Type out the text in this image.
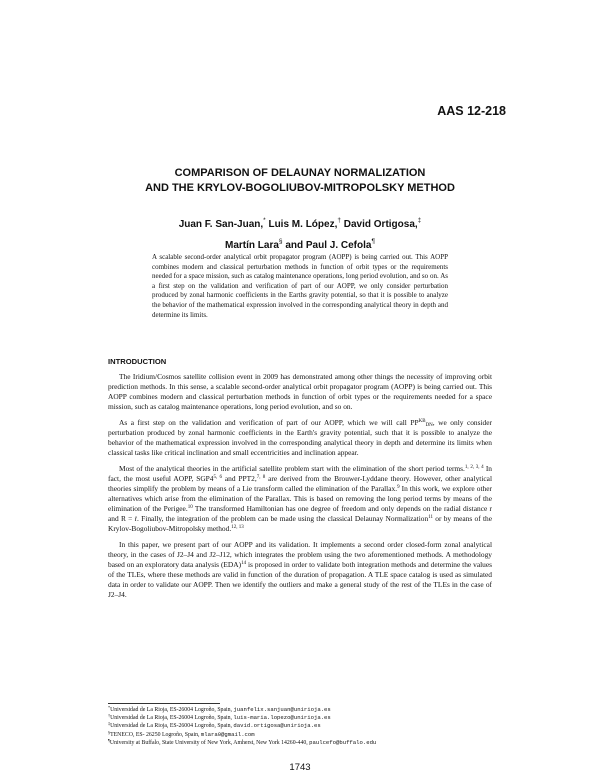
AAS 12-218
COMPARISON OF DELAUNAY NORMALIZATION
AND THE KRYLOV-BOGOLIUBOV-MITROPOLSKY METHOD
Juan F. San-Juan,* Luis M. López,† David Ortigosa,‡
Martín Lara§ and Paul J. Cefola¶
A scalable second-order analytical orbit propagator program (AOPP) is being carried out. This AOPP combines modern and classical perturbation methods in function of orbit types or the requirements needed for a space mission, such as catalog maintenance operations, long period evolution, and so on. As a first step on the validation and verification of part of our AOPP, we only consider perturbation produced by zonal harmonic coefficients in the Earths gravity potential, so that it is possible to analyze the behavior of the mathematical expression involved in the corresponding analytical theory in depth and determine its limits.
INTRODUCTION

The Iridium/Cosmos satellite collision event in 2009 has demonstrated among other things the necessity of improving orbit prediction methods. In this sense, a scalable second-order analytical orbit propagator program (AOPP) is being carried out. This AOPP combines modern and classical perturbation methods in function of orbit types or the requirements needed for a space mission, such as catalog maintenance operations, long period evolution, and so on.

As a first step on the validation and verification of part of our AOPP, which we will call $PP^{KB}_{DN}$, we only consider perturbation produced by zonal harmonic coefficients in the Earth's gravity potential, such that it is possible to analyze the behavior of the mathematical expression involved in the corresponding analytical theory in depth and determine its limits when classical tasks like critical inclination and small eccentricities and inclination appear.

Most of the analytical theories in the artificial satellite problem start with the elimination of the short period terms.$^{1, 2, 3, 4}$ In fact, the most useful AOPP, SGP4$^{5, 6}$ and PPT2,$^{7, 8}$ are derived from the Brouwer-Lyddane theory. However, other analytical theories simplify the problem by means of a Lie transform called the elimination of the Parallax.$^9$ In this work, we explore other alternatives which arise from the elimination of the Parallax. This is based on removing the long period terms by means of the elimination of the Perigee.$^{10}$ The transformed Hamiltonian has one degree of freedom and only depends on the radial distance r and R = ṙ. Finally, the integration of the problem can be made using the classical Delaunay Normalization$^{11}$ or by means of the Krylov-Bogoliubov-Mitropolsky method.$^{12, 13}$

In this paper, we present part of our AOPP and its validation. It implements a second order closed-form zonal analytical theory, in the cases of J2–J4 and J2–J12, which integrates the problem using the two aforementioned methods. A methodology based on an exploratory data analysis (EDA)$^{14}$ is proposed in order to validate both integration methods and determine the values of the TLEs, where these methods are valid in function of the duration of propagation. A TLE space catalog is used as simulated data in order to validate our AOPP. Then we identify the outliers and make a general study of the rest of the TLEs in the case of J2–J4.

*Universidad de La Rioja, ES-26004 Logroño, Spain, juanfelix.sanjuan@unirioja.es
†Universidad de La Rioja, ES-26004 Logroño, Spain, luis-maria.lopezo@unirioja.es
‡Universidad de La Rioja, ES-26004 Logroño, Spain, david.ortigosa@unirioja.es
§TENECO, ES- 26250 Logroño, Spain, mlara0@gmail.com
¶University at Buffalo, State University of New York, Amherst, New York 14260-440, paulcefo@buffalo.edu
1743
